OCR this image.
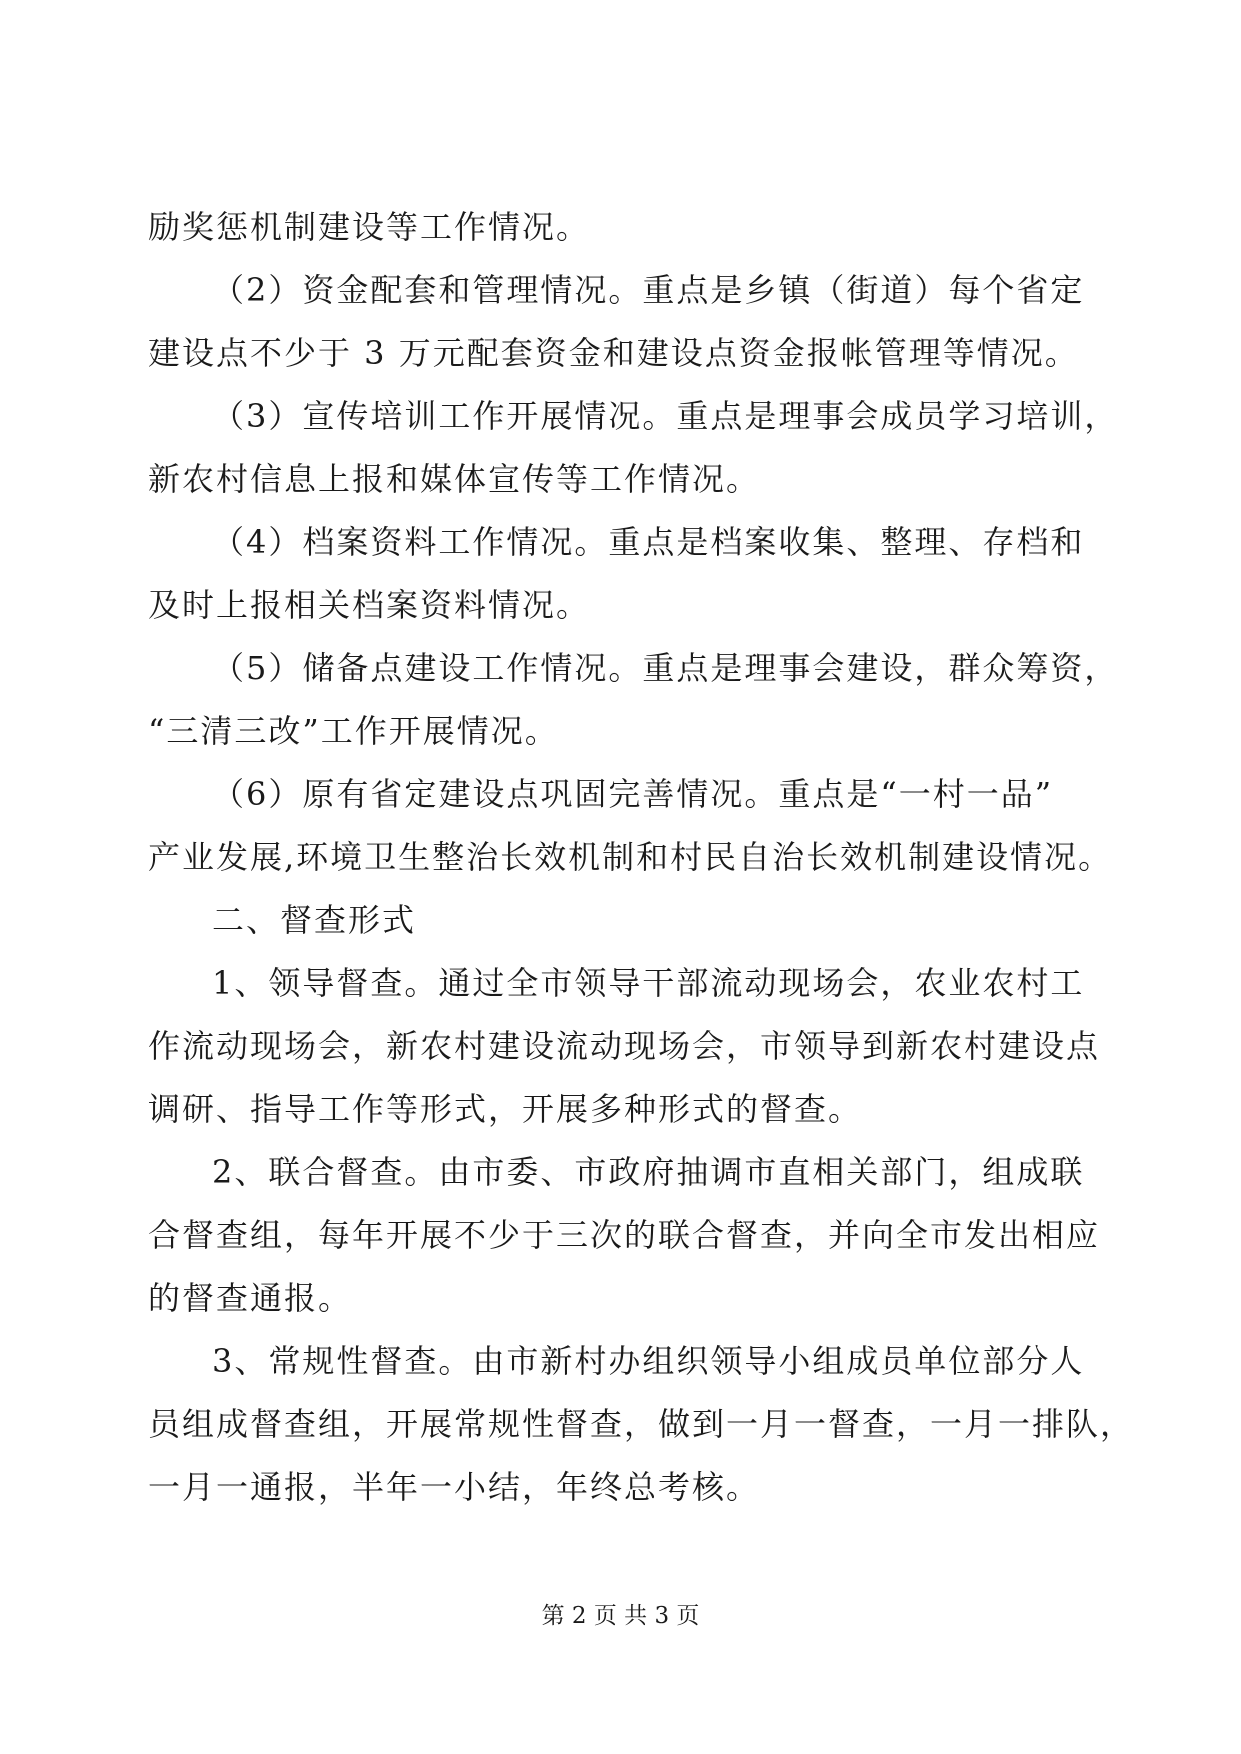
励奖惩机制建设等工作情况。
（2）资金配套和管理情况。重点是乡镇（街道）每个省定
建设点不少于 3 万元配套资金和建设点资金报帐管理等情况。
（3）宣传培训工作开展情况。重点是理事会成员学习培训，
新农村信息上报和媒体宣传等工作情况。
（4）档案资料工作情况。重点是档案收集、整理、存档和
及时上报相关档案资料情况。
（5）储备点建设工作情况。重点是理事会建设，群众筹资，
“三清三改”工作开展情况。
（6）原有省定建设点巩固完善情况。重点是“一村一品”
产业发展,环境卫生整治长效机制和村民自治长效机制建设情况。
二、督查形式
1、领导督查。通过全市领导干部流动现场会，农业农村工
作流动现场会，新农村建设流动现场会，市领导到新农村建设点
调研、指导工作等形式，开展多种形式的督查。
2、联合督查。由市委、市政府抽调市直相关部门，组成联
合督查组，每年开展不少于三次的联合督查，并向全市发出相应
的督查通报。
3、常规性督查。由市新村办组织领导小组成员单位部分人
员组成督查组，开展常规性督查，做到一月一督查，一月一排队，
一月一通报，半年一小结，年终总考核。
第 2 页 共 3 页
